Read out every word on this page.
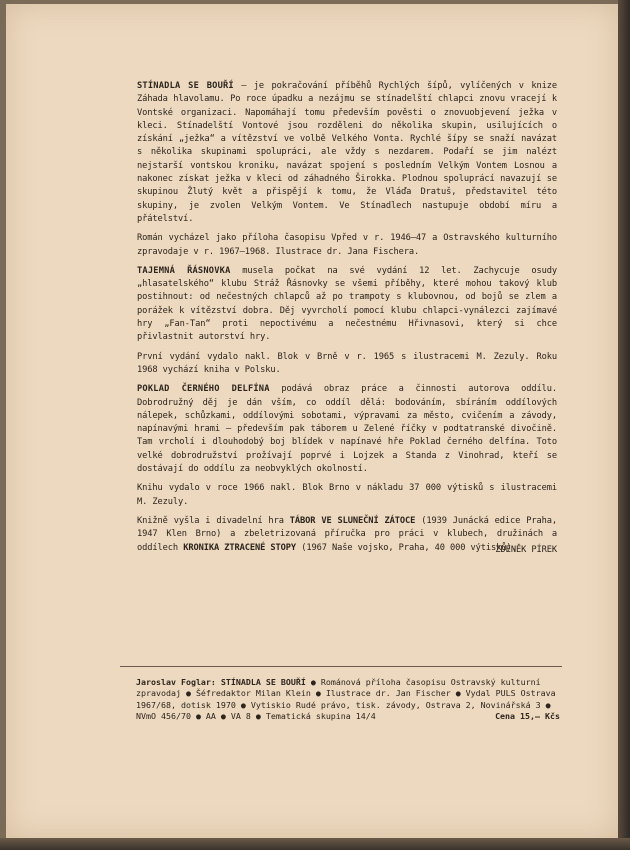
STÍNADLA SE BOUŘÍ — je pokračování příběhů Rychlých šípů, vylíčených v knize Záhada hlavolamu. Po roce úpadku a nezájmu se stínadelští chlapci znovu vracejí k Vontské organizaci. Napomáhají tomu především pověsti o znovuobjevení ježka v kleci. Stínadelští Vontové jsou rozděleni do několika skupin, usilujících o získání „ježka“ a vítězství ve volbě Velkého Vonta. Rychlé šípy se snaží navázat s několika skupinami spolupráci, ale vždy s nezdarem. Podaří se jim nalézt nejstarší vontskou kroniku, navázat spojení s posledním Velkým Vontem Losnou a nakonec získat ježka v kleci od záhadného Širokka. Plodnou spoluprácí navazují se skupinou Žlutý květ a přispějí k tomu, že Vláďa Dratuš, představitel této skupiny, je zvolen Velkým Vontem. Ve Stínadlech nastupuje období míru a přátelství.

Román vycházel jako příloha časopisu Vpřed v r. 1946—47 a Ostravského kulturního zpravodaje v r. 1967—1968. Ilustrace dr. Jana Fischera.

TAJEMNÁ ŘÁSNOVKA musela počkat na své vydání 12 let. Zachycuje osudy „hlasatelského“ klubu Stráž Řásnovky se všemi příběhy, které mohou takový klub postihnout: od nečestných chlapců až po trampoty s klubovnou, od bojů se zlem a porážek k vítězství dobra. Děj vyvrcholí pomocí klubu chlapci-vynálezci zajímavé hry „Fan-Tan“ proti nepoctivému a nečestnému Hřivnasovi, který si chce přivlastnit autorství hry.

První vydání vydalo nakl. Blok v Brně v r. 1965 s ilustracemi M. Zezuly. Roku 1968 vychází kniha v Polsku.

POKLAD ČERNÉHO DELFÍNA podává obraz práce a činnosti autorova oddílu. Dobrodružný děj je dán vším, co oddíl dělá: bodováním, sbíráním oddílových nálepek, schůzkami, oddílovými sobotami, výpravami za město, cvičením a závody, napínavými hrami — především pak táborem u Zelené říčky v podtatranské divočině. Tam vrcholí i dlouhodobý boj blídek v napínavé hře Poklad černého delfína. Toto velké dobrodružství prožívají poprvé i Lojzek a Standa z Vinohrad, kteří se dostávají do oddílu za neobvyklých okolností.

Knihu vydalo v roce 1966 nakl. Blok Brno v nákladu 37 000 výtisků s ilustracemi M. Zezuly.

Knižně vyšla i divadelní hra TÁBOR VE SLUNEČNÍ ZÁTOCE (1939 Junácká edice Praha, 1947 Klen Brno) a zbeletrizovaná příručka pro práci v klubech, družinách a oddílech KRONIKA ZTRACENÉ STOPY (1967 Naše vojsko, Praha, 40 000 výtisků).

ZDENĚK PÍREK
Jaroslav Foglar: STÍNADLA SE BOUŘÍ ● Románová příloha časopisu Ostravský kulturní zpravodaj ● Šéfredaktor Milan Klein ● Ilustrace dr. Jan Fischer ● Vydal PULS Ostrava 1967/68, dotisk 1970 ● Vytiskio Rudé právo, tisk. závody, Ostrava 2, Novinářská 3 ● NVmO 456/70 ● AA ● VA 8 ● Tematická skupina 14/4	Cena 15,— Kčs
